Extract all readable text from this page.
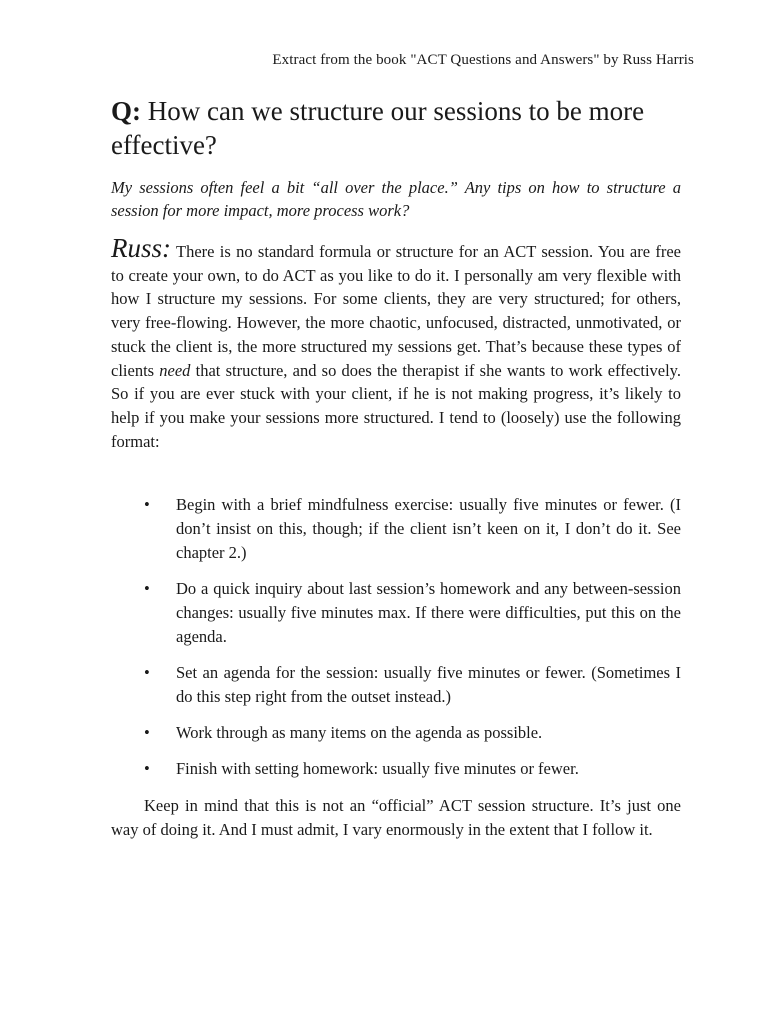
Extract from the book "ACT Questions and Answers" by Russ Harris
Q: How can we structure our sessions to be more effective?

My sessions often feel a bit “all over the place.” Any tips on how to structure a session for more impact, more process work?

Russ: There is no standard formula or structure for an ACT session. You are free to create your own, to do ACT as you like to do it. I personally am very flexible with how I structure my sessions. For some clients, they are very structured; for others, very free-flowing. However, the more chaotic, unfocused, distracted, unmotivated, or stuck the client is, the more structured my sessions get. That’s because these types of clients need that structure, and so does the therapist if she wants to work effectively. So if you are ever stuck with your client, if he is not making progress, it’s likely to help if you make your sessions more structured. I tend to (loosely) use the following format:

• Begin with a brief mindfulness exercise: usually five minutes or fewer. (I don’t insist on this, though; if the client isn’t keen on it, I don’t do it. See chapter 2.)
• Do a quick inquiry about last session’s homework and any between-session changes: usually five minutes max. If there were difficulties, put this on the agenda.
• Set an agenda for the session: usually five minutes or fewer. (Sometimes I do this step right from the outset instead.)
• Work through as many items on the agenda as possible.
• Finish with setting homework: usually five minutes or fewer.

Keep in mind that this is not an “official” ACT session structure. It’s just one way of doing it. And I must admit, I vary enormously in the extent that I follow it.
